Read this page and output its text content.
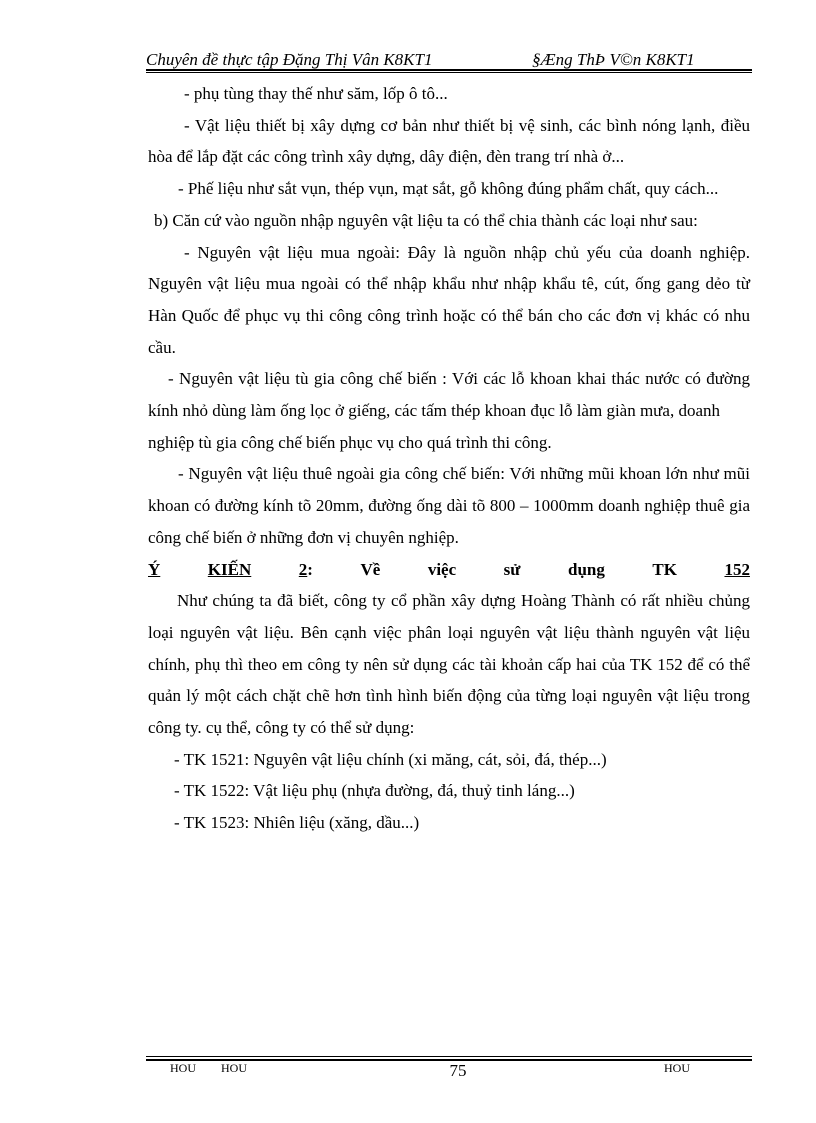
Chuyên đề thực tập Đặng Thị Vân K8KT1	§Æng ThÞ V©n K8KT1

- phụ tùng thay thế như săm, lốp ô tô...

- Vật liệu thiết bị xây dựng cơ bản như thiết bị vệ sinh, các bình nóng lạnh, điều hòa để lắp đặt các công trình xây dựng, dây điện, đèn trang trí nhà ở...

- Phế liệu như sắt vụn, thép vụn, mạt sắt, gỗ không đúng phẩm chất, quy cách...

b) Căn cứ vào nguồn nhập nguyên vật liệu ta có thể chia thành các loại như sau:

- Nguyên vật liệu mua ngoài: Đây là nguồn nhập chủ yếu của doanh nghiệp. Nguyên vật liệu mua ngoài có thể nhập khẩu như nhập khẩu tê, cút, ống gang dẻo từ Hàn Quốc để phục vụ thi công công trình hoặc có thể bán cho các đơn vị khác có nhu cầu.

- Nguyên vật liệu tù gia công chế biến : Với các lỗ khoan khai thác nước có đường kính nhỏ dùng làm ống lọc ở giếng, các tấm thép khoan đục lỗ làm giàn mưa, doanh

nghiệp tù gia công chế biến phục vụ cho quá trình thi công.

- Nguyên vật liệu thuê ngoài gia công chế biến: Với những mũi khoan lớn như mũi khoan có đường kính tõ 20mm, đường ống dài tõ 800 – 1000mm doanh nghiệp thuê gia công chế biến ở những đơn vị chuyên nghiệp.

Ý	KIẾN	2:	Về	việc	sử	dụng	TK	152

Như chúng ta đã biết, công ty cổ phần xây dựng Hoàng Thành có rất nhiều chủng loại nguyên vật liệu. Bên cạnh việc phân loại nguyên vật liệu thành nguyên vật liệu chính, phụ thì theo em công ty nên sử dụng các tài khoản cấp hai của TK 152 để có thể quản lý một cách chặt chẽ hơn tình hình biến động của từng loại nguyên vật liệu trong công ty. cụ thể, công ty có thể sử dụng:

- TK 1521: Nguyên vật liệu chính (xi măng, cát, sỏi, đá, thép...)

- TK 1522: Vật liệu phụ (nhựa đường, đá, thuỷ tinh láng...)

- TK 1523: Nhiên liệu (xăng, dầu...)

HOU HOU	75	HOU
